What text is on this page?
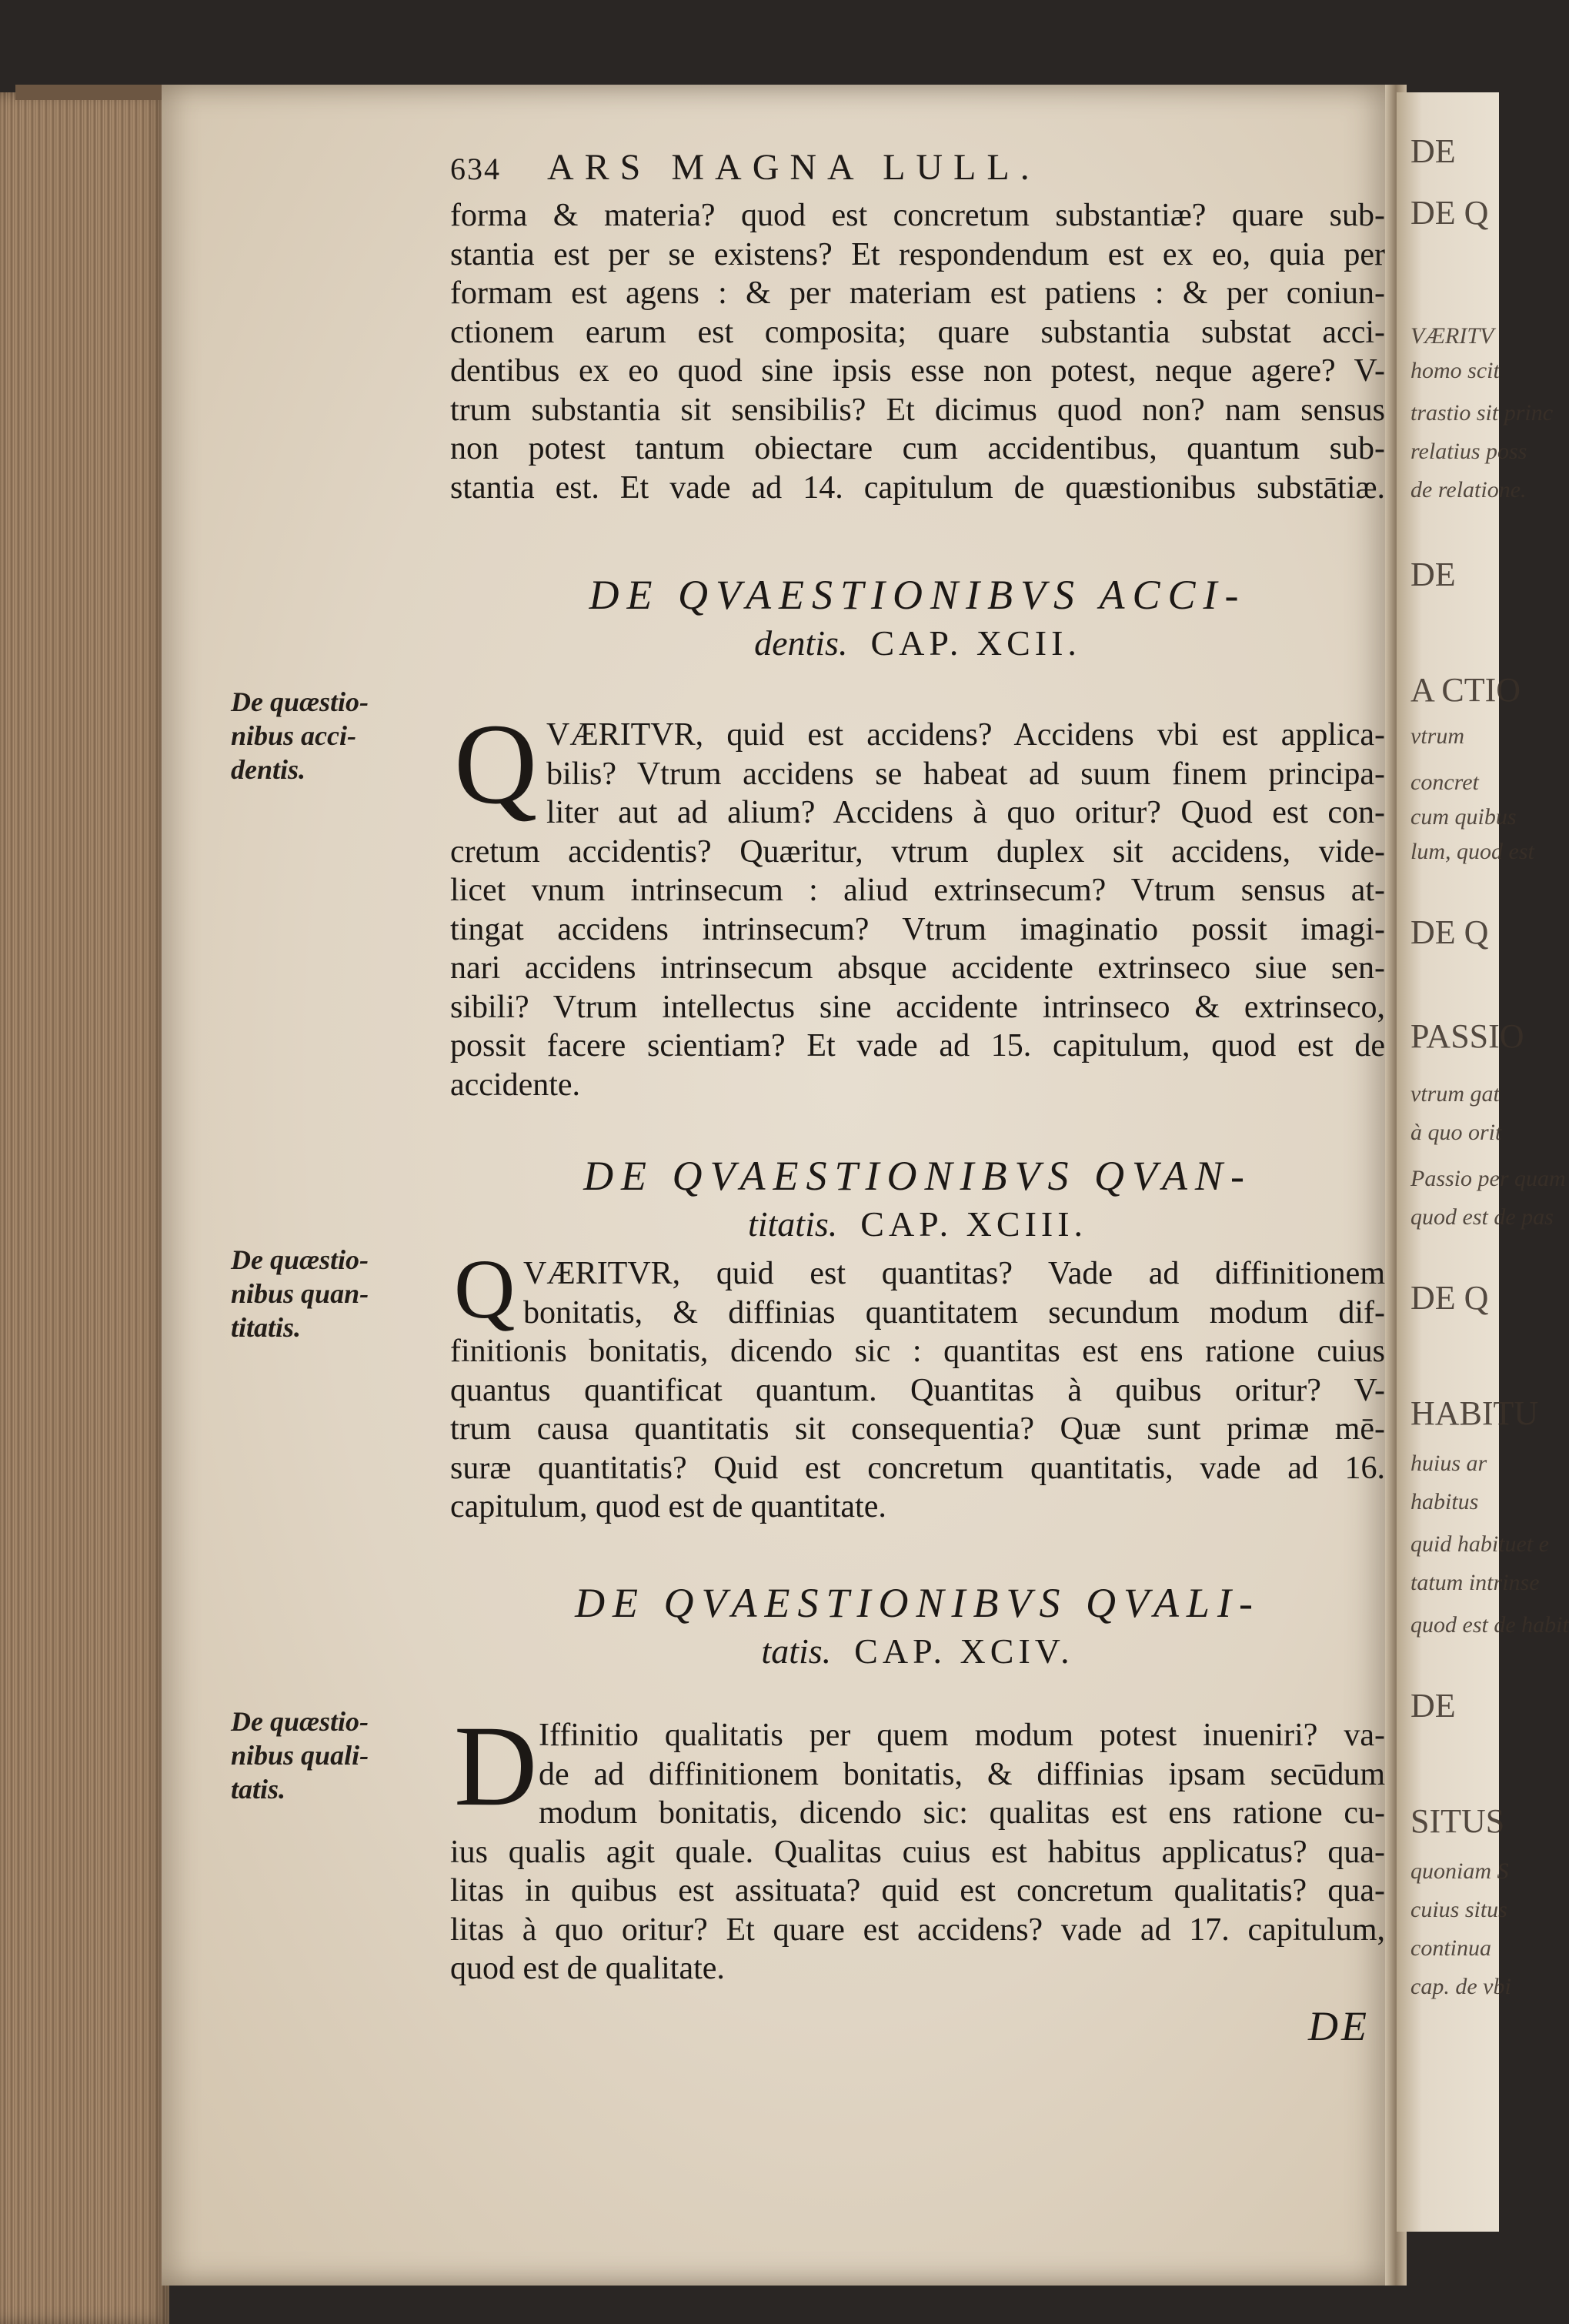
DE
DE Q
VÆRITV
homo scit
trastio sit princ
relatius poss
de relatione.
DE
A CTIO
vtrum
concret
cum quibus
lum, quod est
DE Q
PASSIO
vtrum gat
à quo orit
Passio per quam
quod est de pas
DE Q
HABITU
huius ar
habitus
quid habituet e
tatum intrinse
quod est de habit
DE
SITUS
quoniam S
cuius situs
continua
cap. de vbi
634 ARS MAGNA LULL.
forma & materia? quod est concretum substantiæ? quare sub-
stantia est per se existens? Et respondendum est ex eo, quia per
formam est agens : & per materiam est patiens : & per coniun-
ctionem earum est composita; quare substantia substat acci-
dentibus ex eo quod sine ipsis esse non potest, neque agere? V-
trum substantia sit sensibilis? Et dicimus quod non? nam sensus
non potest tantum obiectare cum accidentibus, quantum sub-
stantia est. Et vade ad 14. capitulum de quæstionibus substātiæ.
DE QVAESTIONIBVS ACCI-
dentis. CAP. XCII.
De quæstio-
nibus acci-
dentis.	Q VÆRITVR, quid est accidens? Accidens vbi est applica-
bilis? Vtrum accidens se habeat ad suum finem principa-
liter aut ad alium? Accidens à quo oritur? Quod est con-
cretum accidentis? Quæritur, vtrum duplex sit accidens, vide-
licet vnum intrinsecum : aliud extrinsecum? Vtrum sensus at-
tingat accidens intrinsecum? Vtrum imaginatio possit imagi-
nari accidens intrinsecum absque accidente extrinseco siue sen-
sibili? Vtrum intellectus sine accidente intrinseco & extrinseco,
possit facere scientiam? Et vade ad 15. capitulum, quod est de
accidente.
DE QVAESTIONIBVS QVAN-
titatis. CAP. XCIII.
De quæstio-
nibus quan-
titatis.	Q VÆRITVR, quid est quantitas? Vade ad diffinitionem
bonitatis, & diffinias quantitatem secundum modum dif-
finitionis bonitatis, dicendo sic : quantitas est ens ratione cuius
quantus quantificat quantum. Quantitas à quibus oritur? V-
trum causa quantitatis sit consequentia? Quæ sunt primæ mē-
suræ quantitatis? Quid est concretum quantitatis, vade ad 16.
capitulum, quod est de quantitate.
DE QVAESTIONIBVS QVALI-
tatis. CAP. XCIV.
De quæstio-
nibus quali-
tatis.	D Iffinitio qualitatis per quem modum potest inueniri? va-
de ad diffinitionem bonitatis, & diffinias ipsam secūdum
modum bonitatis, dicendo sic: qualitas est ens ratione cu-
ius qualis agit quale. Qualitas cuius est habitus applicatus? qua-
litas in quibus est assituata? quid est concretum qualitatis? qua-
litas à quo oritur? Et quare est accidens? vade ad 17. capitulum,
quod est de qualitate.
DE
